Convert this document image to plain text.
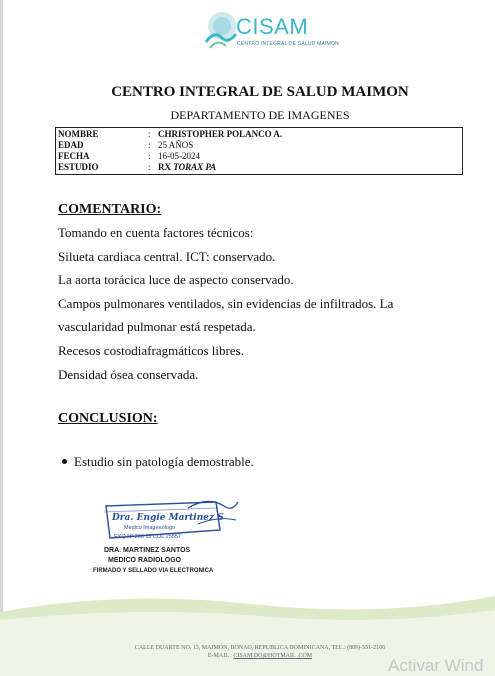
CISAM
CENTRO INTEGRAL DE SALUD MAIMON
CENTRO INTEGRAL DE SALUD MAIMON
DEPARTAMENTO DE IMAGENES
NOMBRE	: CHRISTOPHER POLANCO A.
EDAD	: 25 AÑOS
FECHA	: 16-05-2024
ESTUDIO	: RX TORAX PA
COMENTARIO:
Tomando en cuenta factores técnicos:
Silueta cardiaca central. ICT: conservado.
La aorta torácica luce de aspecto conservado.
Campos pulmonares ventilados, sin evidencias de infiltrados. La
vascularidad pulmonar está respetada.
Recesos costodiafragmáticos libres.
Densidad ósea conservada.
CONCLUSION:
Estudio sin patología demostrable.
Dra. Engie Martinez S
Medico Imagenologo
EXQ Nº 206 13 COL 25557
DRA. MARTINEZ SANTOS
MEDICO RADIOLOGO
FIRMADO Y SELLADO VIA ELECTRONICA
CALLE DUARTE NO. 13, MAIMÓN, BONAO, REPUBLICA DOMINICANA, TEL.: (809)-551-2106
E-MAIL : CISAM.DO@HOTMAIL .COM	Activar Wind
